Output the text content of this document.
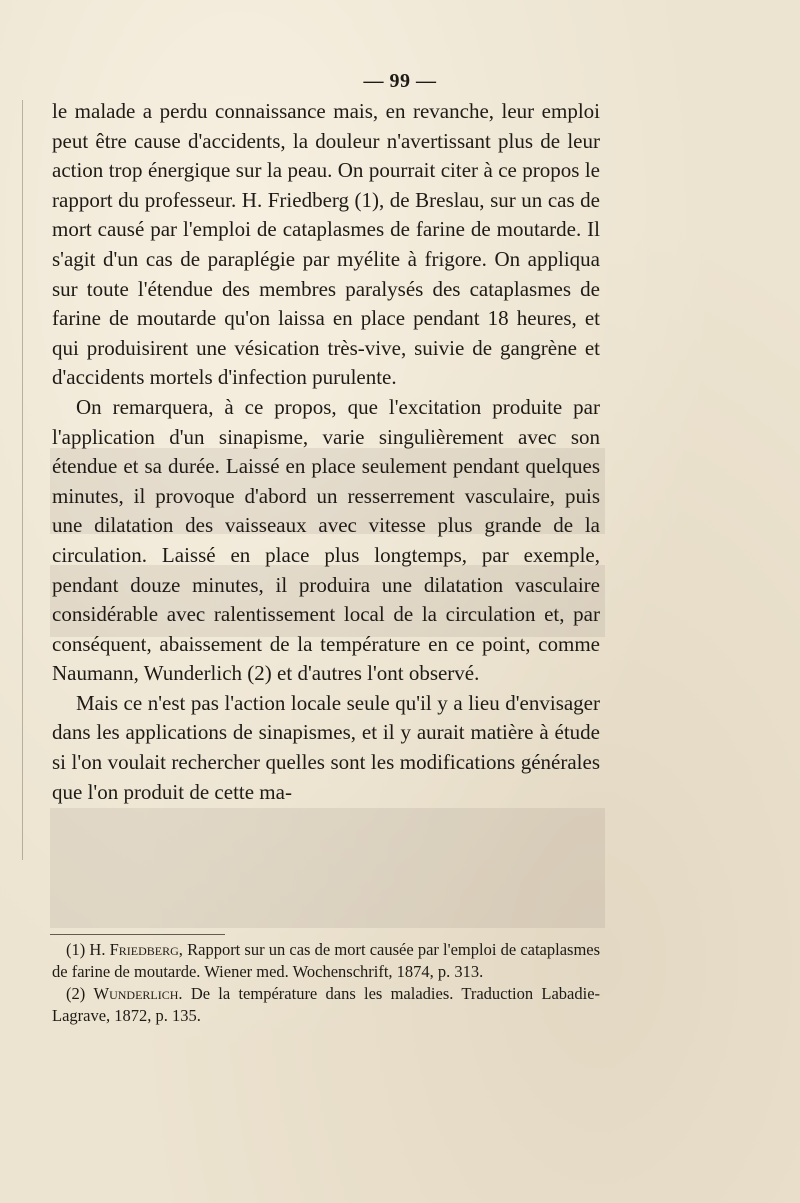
— 99 —

le malade a perdu connaissance mais, en revanche, leur emploi peut être cause d'accidents, la douleur n'avertissant plus de leur action trop énergique sur la peau. On pourrait citer à ce propos le rapport du professeur. H. Friedberg (1), de Breslau, sur un cas de mort causé par l'emploi de cataplasmes de farine de moutarde. Il s'agit d'un cas de paraplégie par myélite à frigore. On appliqua sur toute l'étendue des membres paralysés des cataplasmes de farine de moutarde qu'on laissa en place pendant 18 heures, et qui produisirent une vésication très-vive, suivie de gangrène et d'accidents mortels d'infection purulente.

On remarquera, à ce propos, que l'excitation produite par l'application d'un sinapisme, varie singulièrement avec son étendue et sa durée. Laissé en place seulement pendant quelques minutes, il provoque d'abord un resserrement vasculaire, puis une dilatation des vaisseaux avec vitesse plus grande de la circulation. Laissé en place plus longtemps, par exemple, pendant douze minutes, il produira une dilatation vasculaire considérable avec ralentissement local de la circulation et, par conséquent, abaissement de la température en ce point, comme Naumann, Wunderlich (2) et d'autres l'ont observé.

Mais ce n'est pas l'action locale seule qu'il y a lieu d'envisager dans les applications de sinapismes, et il y aurait matière à étude si l'on voulait rechercher quelles sont les modifications générales que l'on produit de cette ma-

(1) H. Friedberg, Rapport sur un cas de mort causée par l'emploi de cataplasmes de farine de moutarde. Wiener med. Wochenschrift, 1874, p. 313.

(2) Wunderlich. De la température dans les maladies. Traduction Labadie-Lagrave, 1872, p. 135.
